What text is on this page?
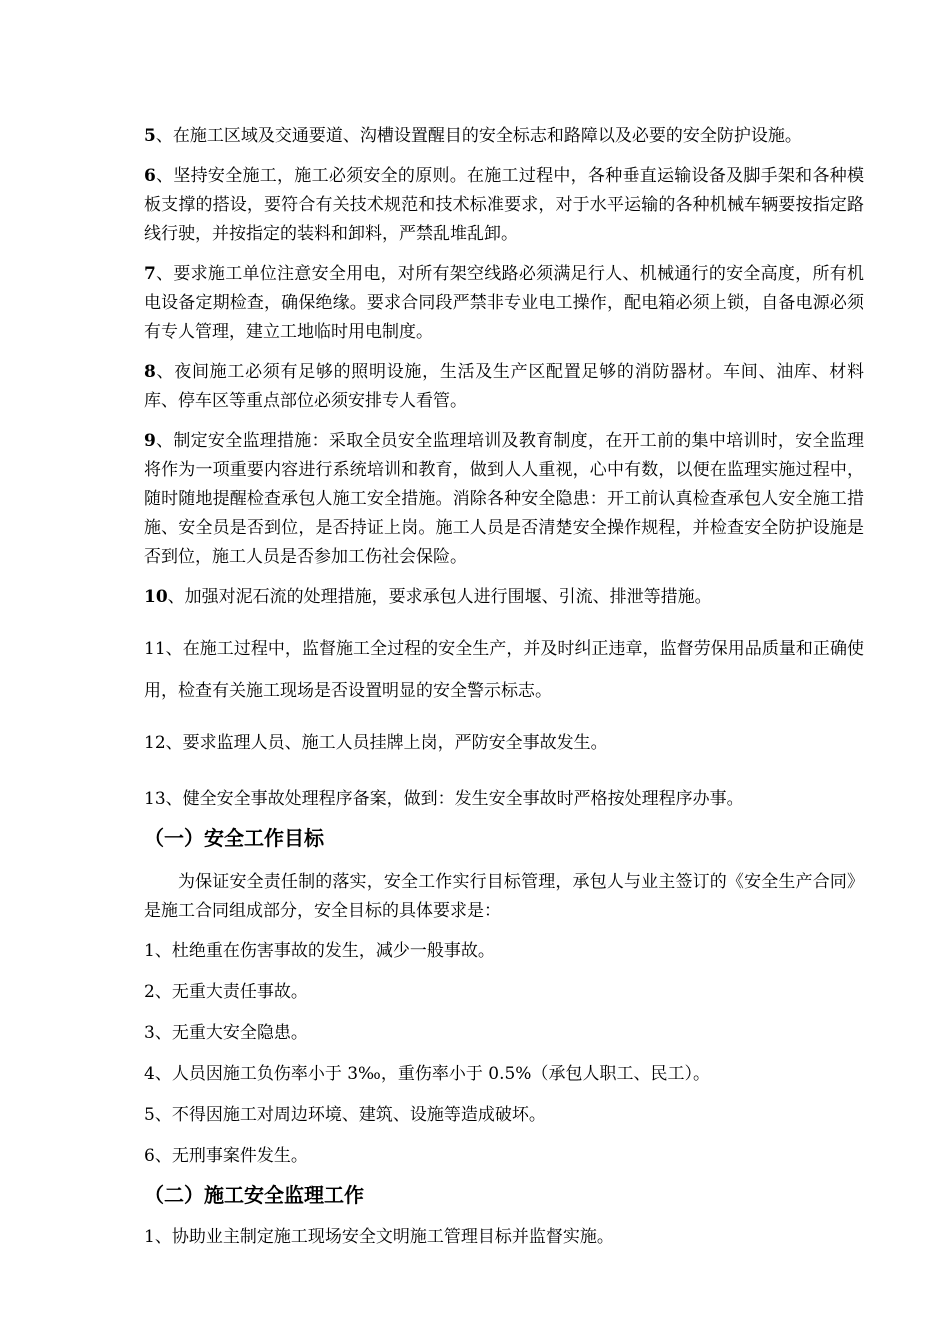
5、在施工区域及交通要道、沟槽设置醒目的安全标志和路障以及必要的安全防护设施。

6、坚持安全施工，施工必须安全的原则。在施工过程中，各种垂直运输设备及脚手架和各种模板支撑的搭设，要符合有关技术规范和技术标准要求，对于水平运输的各种机械车辆要按指定路线行驶，并按指定的装料和卸料，严禁乱堆乱卸。

7、要求施工单位注意安全用电，对所有架空线路必须满足行人、机械通行的安全高度，所有机电设备定期检查，确保绝缘。要求合同段严禁非专业电工操作，配电箱必须上锁，自备电源必须有专人管理，建立工地临时用电制度。

8、夜间施工必须有足够的照明设施，生活及生产区配置足够的消防器材。车间、油库、材料库、停车区等重点部位必须安排专人看管。

9、制定安全监理措施：采取全员安全监理培训及教育制度，在开工前的集中培训时，安全监理将作为一项重要内容进行系统培训和教育，做到人人重视，心中有数，以便在监理实施过程中，随时随地提醒检查承包人施工安全措施。消除各种安全隐患：开工前认真检查承包人安全施工措施、安全员是否到位，是否持证上岗。施工人员是否清楚安全操作规程，并检查安全防护设施是否到位，施工人员是否参加工伤社会保险。

10、加强对泥石流的处理措施，要求承包人进行围堰、引流、排泄等措施。

11、在施工过程中，监督施工全过程的安全生产，并及时纠正违章，监督劳保用品质量和正确使用，检查有关施工现场是否设置明显的安全警示标志。

12、要求监理人员、施工人员挂牌上岗，严防安全事故发生。

13、健全安全事故处理程序备案，做到：发生安全事故时严格按处理程序办事。

（一）安全工作目标

为保证安全责任制的落实，安全工作实行目标管理，承包人与业主签订的《安全生产合同》是施工合同组成部分，安全目标的具体要求是：

1、杜绝重在伤害事故的发生，减少一般事故。

2、无重大责任事故。

3、无重大安全隐患。

4、人员因施工负伤率小于 3‰，重伤率小于 0.5%（承包人职工、民工）。

5、不得因施工对周边环境、建筑、设施等造成破坏。

6、无刑事案件发生。

（二）施工安全监理工作

1、协助业主制定施工现场安全文明施工管理目标并监督实施。
